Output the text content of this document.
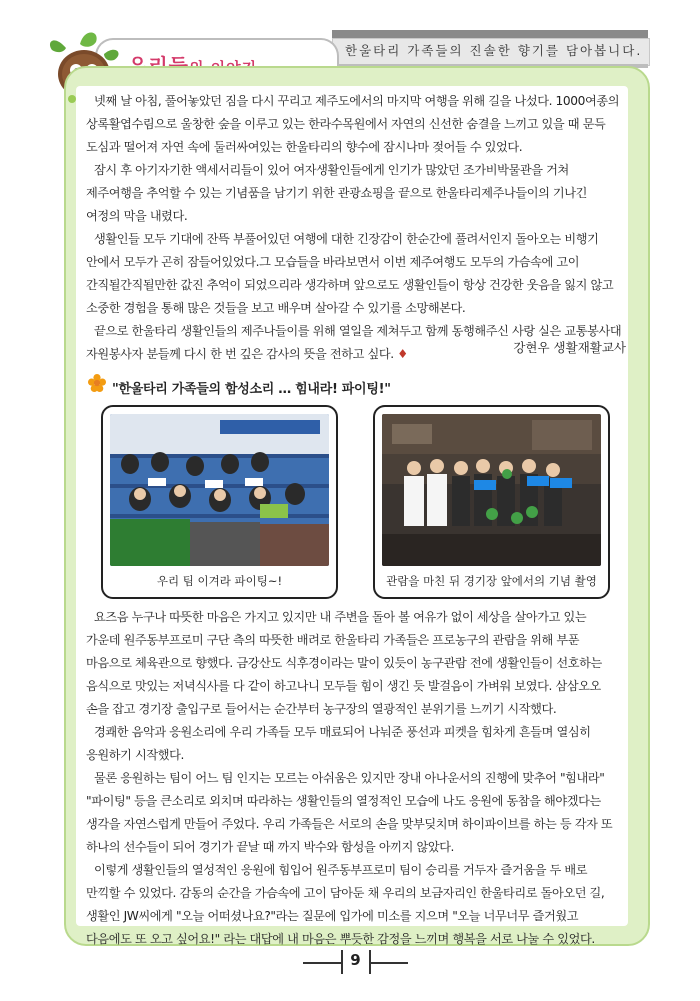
한울타리 가족들의 진솔한 향기를 담아봅니다.
넷째 날 아침, 풀어놓았던 짐을 다시 꾸리고 제주도에서의 마지막 여행을 위해 길을 나섰다. 1000여종의 상록활엽수림으로 울창한 숲을 이루고 있는 한라수목원에서 자연의 신선한 숨결을 느끼고 있을 때 문득 도심과 떨어져 자연 속에 둘러싸여있는 한울타리의 향수에 잠시나마 젖어들 수 있었다.
잠시 후 아기자기한 액세서리들이 있어 여자생활인들에게 인기가 많았던 조가비박물관을 거쳐 제주여행을 추억할 수 있는 기념품을 남기기 위한 관광쇼핑을 끝으로 한울타리제주나들이의 기나긴 여정의 막을 내렸다.
생활인들 모두 기대에 잔뜩 부풀어있던 여행에 대한 긴장감이 한순간에 풀려서인지 돌아오는 비행기 안에서 모두가 곤히 잠들어있었다.그 모습들을 바라보면서 이번 제주여행도 모두의 가슴속에 고이 간직될간직될만한 값진 추억이 되었으리라 생각하며 앞으로도 생활인들이 항상 건강한 웃음을 잃지 않고 소중한 경험을 통해 많은 것들을 보고 배우며 살아갈 수 있기를 소망해본다.
끝으로 한울타리 생활인들의 제주나들이를 위해 열일을 제쳐두고 함께 동행해주신 사랑 실은 교통봉사대 자원봉사자 분들께 다시 한 번 깊은 감사의 뜻을 전하고 싶다. ♦	강현우 생활재활교사
"한울타리 가족들의 함성소리 … 힘내라! 파이팅!"
우리 팀 이겨라 파이팅~!	관람을 마친 뒤 경기장 앞에서의 기념 촬영
요즈음 누구나 따뜻한 마음은 가지고 있지만 내 주변을 돌아 볼 여유가 없이 세상을 살아가고 있는 가운데 원주동부프로미 구단 측의 따뜻한 배려로 한울타리 가족들은 프로농구의 관람을 위해 부푼 마음으로 체육관으로 향했다. 금강산도 식후경이라는 말이 있듯이 농구관람 전에 생활인들이 선호하는 음식으로 맛있는 저녁식사를 다 같이 하고나니 모두들 힘이 생긴 듯 발걸음이 가벼워 보였다. 삼삼오오 손을 잡고 경기장 출입구로 들어서는 순간부터 농구장의 열광적인 분위기를 느끼기 시작했다.
경쾌한 음악과 응원소리에 우리 가족들 모두 매료되어 나눠준 풍선과 피켓을 힘차게 흔들며 열심히 응원하기 시작했다.
물론 응원하는 팀이 어느 팀 인지는 모르는 아쉬움은 있지만 장내 아나운서의 진행에 맞추어 "힘내라" "파이팅" 등을 큰소리로 외치며 따라하는 생활인들의 열정적인 모습에 나도 응원에 동참을 해야겠다는 생각을 자연스럽게 만들어 주었다. 우리 가족들은 서로의 손을 맞부딪치며 하이파이브를 하는 등 각자 또 하나의 선수들이 되어 경기가 끝날 때 까지 박수와 함성을 아끼지 않았다.
이렇게 생활인들의 열성적인 응원에 힘입어 원주동부프로미 팀이 승리를 거두자 즐거움을 두 배로 만끽할 수 있었다. 감동의 순간을 가슴속에 고이 담아둔 채 우리의 보금자리인 한울타리로 돌아오던 길, 생활인 JW씨에게 "오늘 어떠셨나요?"라는 질문에 입가에 미소를 지으며 "오늘 너무너무 즐거웠고 다음에도 또 오고 싶어요!" 라는 대답에 내 마음은 뿌듯한 감정을 느끼며 행복을 서로 나눌 수 있었다.
9
